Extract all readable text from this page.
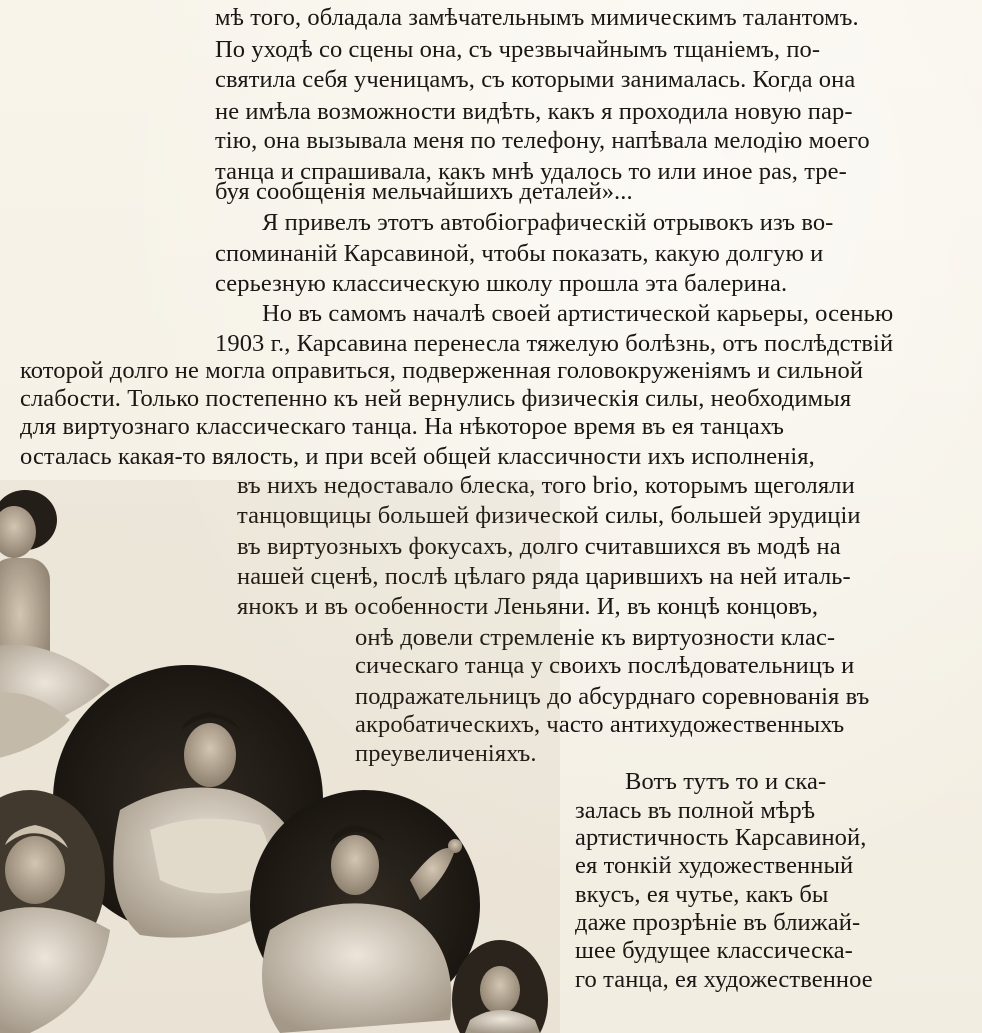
мѣ того, обладала замѣчательнымъ мимическимъ талантомъ.
По уходѣ со сцены она, съ чрезвычайнымъ тщанiемъ, по-
святила себя ученицамъ, съ которыми занималась. Когда она
не имѣла возможности видѣть, какъ я проходила новую пар-
тiю, она вызывала меня по телефону, напѣвала мелодiю моего
танца и спрашивала, какъ мнѣ удалось то или иное pas, тре-
буя сообщенiя мельчайшихъ деталей»...
Я привелъ этотъ автобiографическiй отрывокъ изъ во-
споминанiй Карсавиной, чтобы показать, какую долгую и
серьезную классическую школу прошла эта балерина.
Но въ самомъ началѣ своей артистической карьеры, осенью
1903 г., Карсавина перенесла тяжелую болѣзнь, отъ послѣдствiй
которой долго не могла оправиться, подверженная головокруженiямъ и сильной
слабости. Только постепенно къ ней вернулись физическiя силы, необходимыя
для виртуознаго классическаго танца. На нѣкоторое время въ ея танцахъ
осталась какая-то вялость, и при всей общей классичности ихъ исполненiя,
въ нихъ недоставало блеска, того brio, которымъ щеголяли
танцовщицы большей физической силы, большей эрудицiи
въ виртуозныхъ фокусахъ, долго считавшихся въ модѣ на
нашей сценѣ, послѣ цѣлаго ряда царившихъ на ней италь-
янокъ и въ особенности Леньяни. И, въ концѣ концовъ,
онѣ довели стремленiе къ виртуозности клас-
сическаго танца у своихъ послѣдовательницъ и
подражательницъ до абсурднаго соревнованiя въ
акробатическихъ, часто антихудожественныхъ
преувеличенiяхъ.
Вотъ тутъ то и ска-
залась въ полной мѣрѣ
артистичность Карсавиной,
ея тонкiй художественный
вкусъ, ея чутье, какъ бы
даже прозрѣнiе въ ближай-
шее будущее классическа-
го танца, ея художественное
